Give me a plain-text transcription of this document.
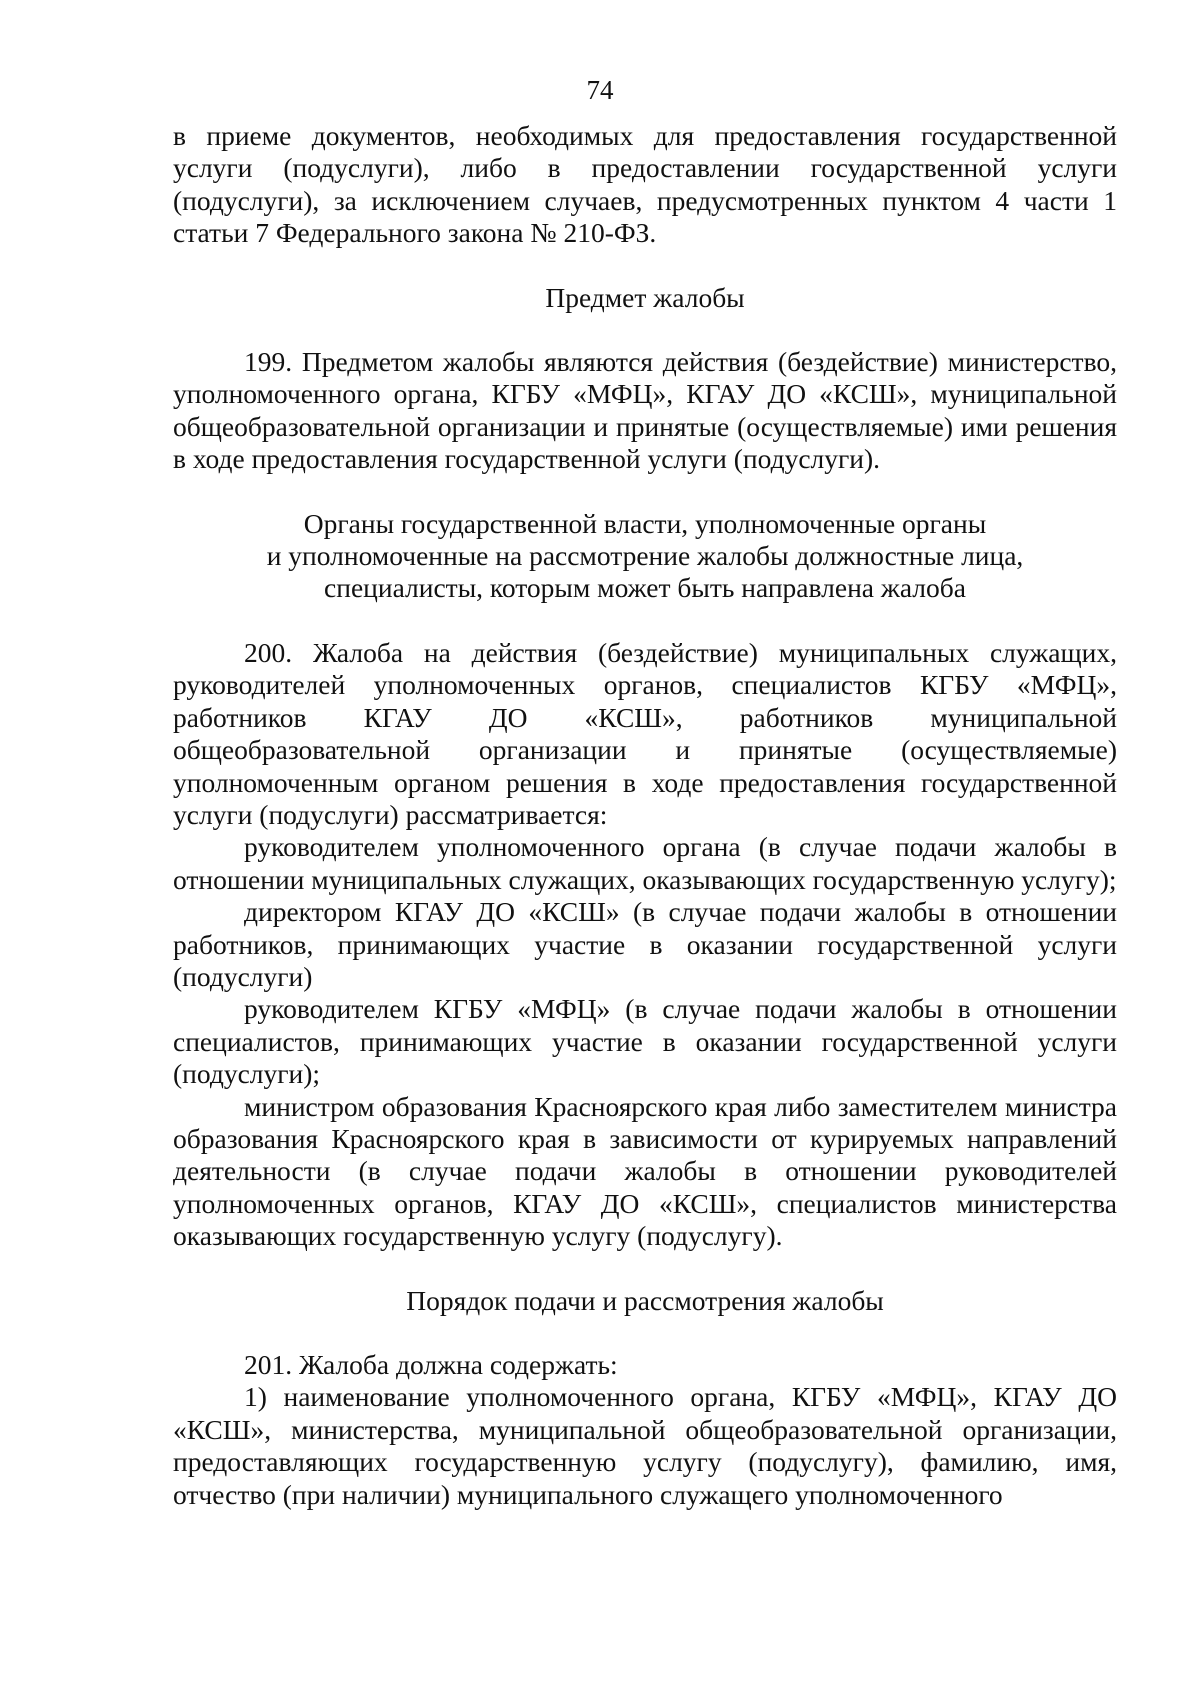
74

в приеме документов, необходимых для предоставления государственной услуги (подуслуги), либо в предоставлении государственной услуги (подуслуги), за исключением случаев, предусмотренных пунктом 4 части 1 статьи 7 Федерального закона № 210-ФЗ.

Предмет жалобы

199. Предметом жалобы являются действия (бездействие) министерство, уполномоченного органа, КГБУ «МФЦ», КГАУ ДО «КСШ», муниципальной общеобразовательной организации и принятые (осуществляемые) ими решения в ходе предоставления государственной услуги (подуслуги).

Органы государственной власти, уполномоченные органы

и уполномоченные на рассмотрение жалобы должностные лица,

специалисты, которым может быть направлена жалоба

200. Жалоба на действия (бездействие) муниципальных служащих, руководителей уполномоченных органов, специалистов КГБУ «МФЦ», работников КГАУ ДО «КСШ», работников муниципальной общеобразовательной организации и принятые (осуществляемые) уполномоченным органом решения в ходе предоставления государственной услуги (подуслуги) рассматривается:

руководителем уполномоченного органа (в случае подачи жалобы в отношении муниципальных служащих, оказывающих государственную услугу);

директором КГАУ ДО «КСШ» (в случае подачи жалобы в отношении работников, принимающих участие в оказании государственной услуги (подуслуги)

руководителем КГБУ «МФЦ» (в случае подачи жалобы в отношении специалистов, принимающих участие в оказании государственной услуги (подуслуги);

министром образования Красноярского края либо заместителем министра образования Красноярского края в зависимости от курируемых направлений деятельности (в случае подачи жалобы в отношении руководителей уполномоченных органов, КГАУ ДО «КСШ», специалистов министерства оказывающих государственную услугу (подуслугу).

Порядок подачи и рассмотрения жалобы

201. Жалоба должна содержать:

1) наименование уполномоченного органа, КГБУ «МФЦ», КГАУ ДО «КСШ», министерства, муниципальной общеобразовательной организации, предоставляющих государственную услугу (подуслугу), фамилию, имя, отчество (при наличии) муниципального служащего уполномоченного
